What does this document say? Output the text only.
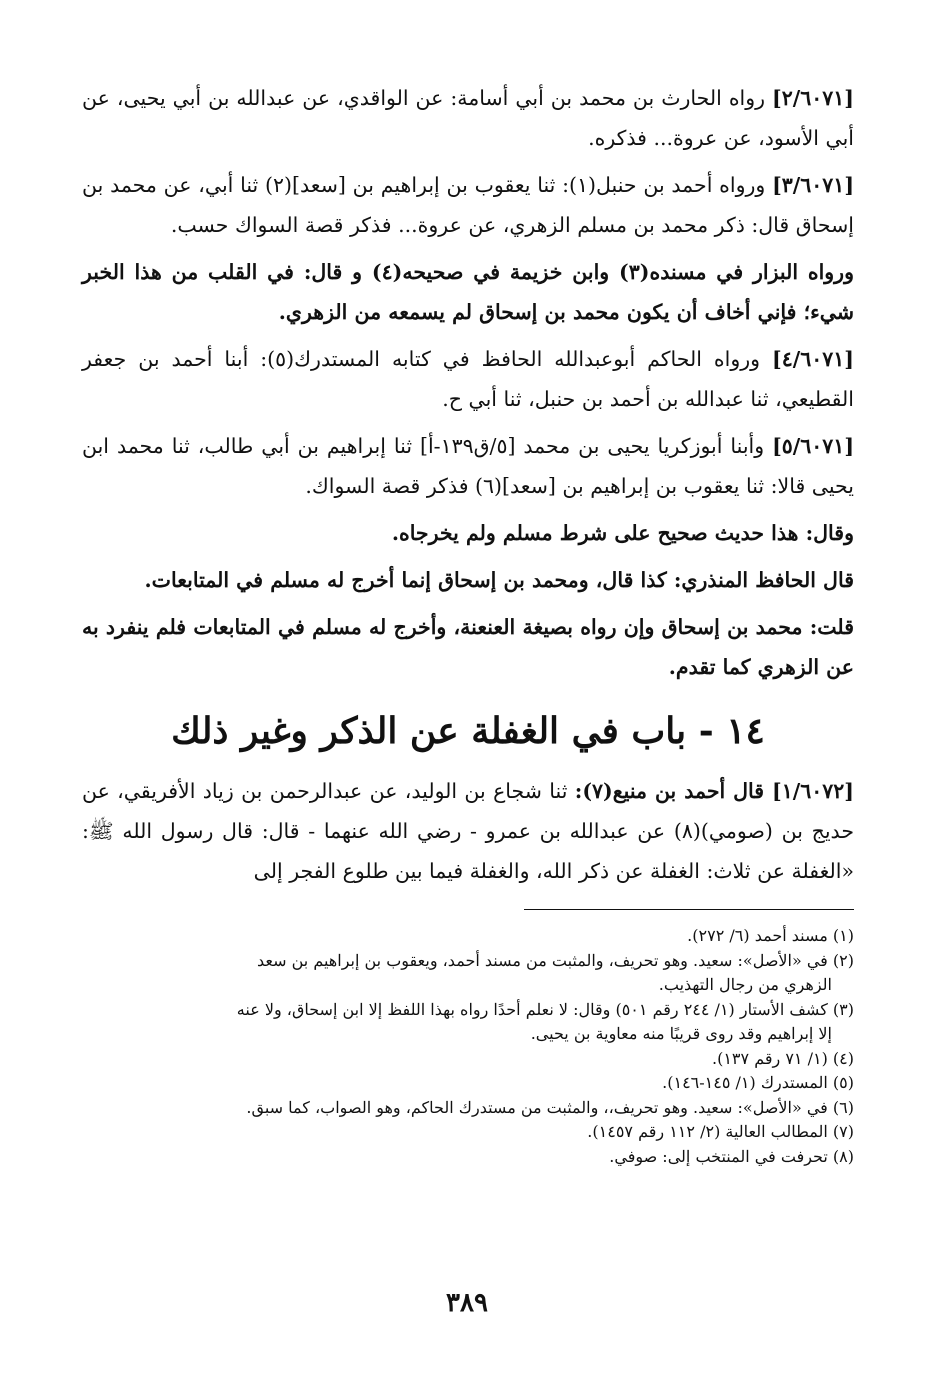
[٢/٦٠٧١] رواه الحارث بن محمد بن أبي أسامة: عن الواقدي، عن عبدالله بن أبي يحيى، عن أبي الأسود، عن عروة... فذكره.

[٣/٦٠٧١] ورواه أحمد بن حنبل(١): ثنا يعقوب بن إبراهيم بن [سعد](٢) ثنا أبي، عن محمد بن إسحاق قال: ذكر محمد بن مسلم الزهري، عن عروة... فذكر قصة السواك حسب.

ورواه البزار في مسنده(٣) وابن خزيمة في صحيحه(٤) و قال: في القلب من هذا الخبر شيء؛ فإني أخاف أن يكون محمد بن إسحاق لم يسمعه من الزهري.

[٤/٦٠٧١] ورواه الحاكم أبوعبدالله الحافظ في كتابه المستدرك(٥): أبنا أحمد بن جعفر القطيعي، ثنا عبدالله بن أحمد بن حنبل، ثنا أبي ح.

[٥/٦٠٧١] وأبنا أبوزكريا يحيى بن محمد [٥/ق١٣٩-أ] ثنا إبراهيم بن أبي طالب، ثنا محمد ابن يحيى قالا: ثنا يعقوب بن إبراهيم بن [سعد](٦) فذكر قصة السواك.

وقال: هذا حديث صحيح على شرط مسلم ولم يخرجاه.

قال الحافظ المنذري: كذا قال، ومحمد بن إسحاق إنما أخرج له مسلم في المتابعات.

قلت: محمد بن إسحاق وإن رواه بصيغة العنعنة، وأخرج له مسلم في المتابعات فلم ينفرد به عن الزهري كما تقدم.

١٤ - باب في الغفلة عن الذكر وغير ذلك

[١/٦٠٧٢] قال أحمد بن منيع(٧): ثنا شجاع بن الوليد، عن عبدالرحمن بن زياد الأفريقي، عن حديج بن (صومي)(٨) عن عبدالله بن عمرو - رضي الله عنهما - قال: قال رسول الله ﷺ: «الغفلة عن ثلاث: الغفلة عن ذكر الله، والغفلة فيما بين طلوع الفجر إلى

(١) مسند أحمد (٦/ ٢٧٢).
(٢) في «الأصل»: سعيد. وهو تحريف، والمثبت من مسند أحمد، ويعقوب بن إبراهيم بن سعد
الزهري من رجال التهذيب.
(٣) كشف الأستار (١/ ٢٤٤ رقم ٥٠١) وقال: لا نعلم أحدًا رواه بهذا اللفظ إلا ابن إسحاق، ولا عنه
إلا إبراهيم وقد روى قريبًا منه معاوية بن يحيى.
(٤) (١/ ٧١ رقم ١٣٧).
(٥) المستدرك (١/ ١٤٥-١٤٦).
(٦) في «الأصل»: سعيد. وهو تحريف،، والمثبت من مستدرك الحاكم، وهو الصواب، كما سبق.
(٧) المطالب العالية (٢/ ١١٢ رقم ١٤٥٧).
(٨) تحرفت في المنتخب إلى: صوفي.
٣٨٩
